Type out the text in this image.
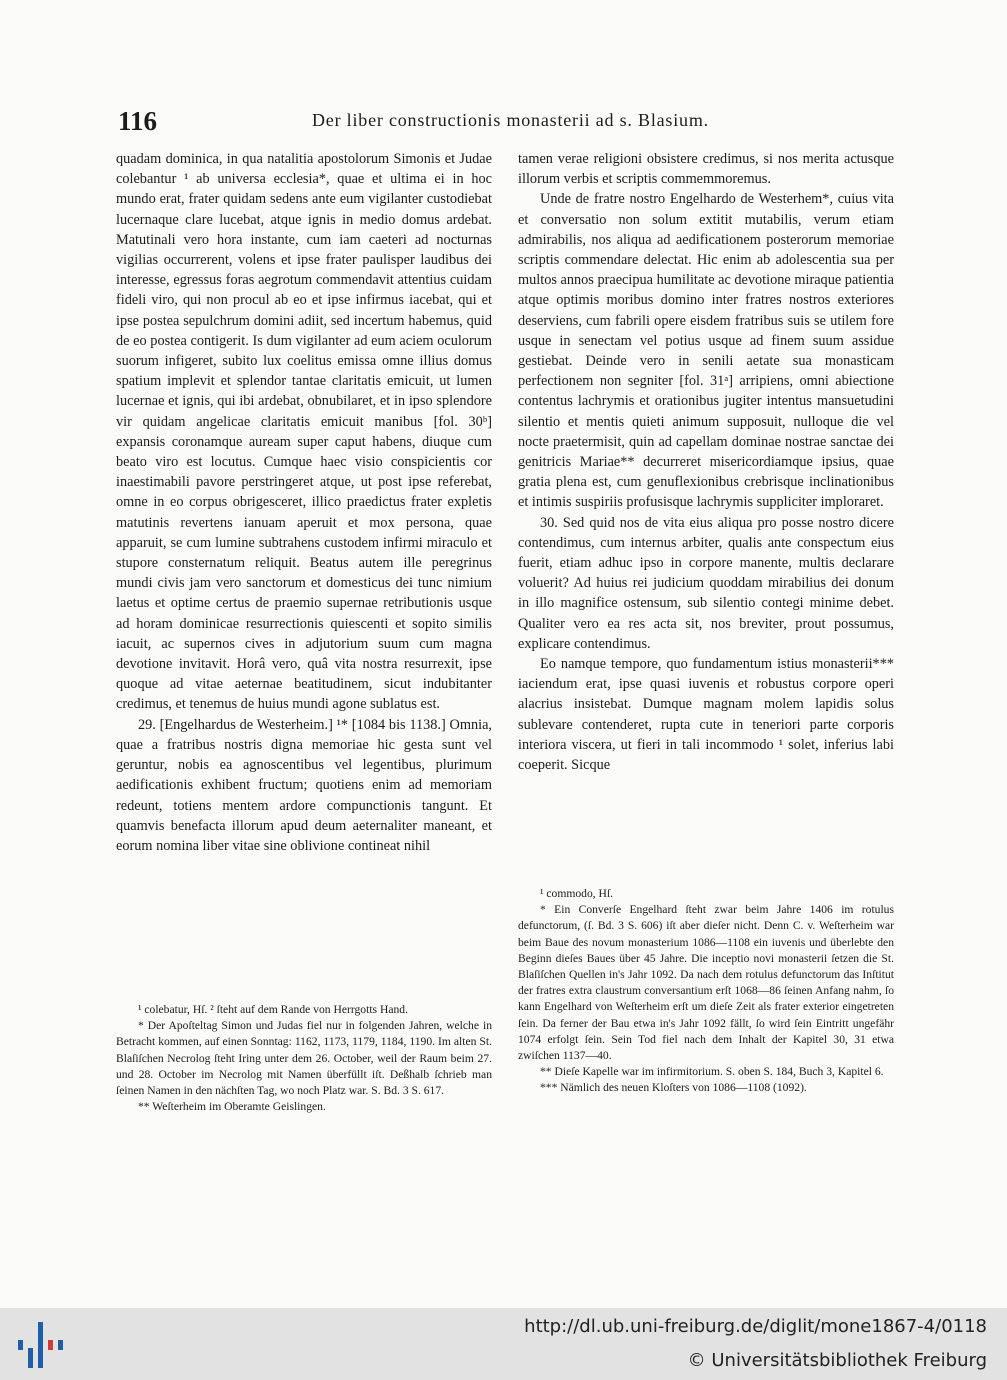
116	Der liber constructionis monasterii ad s. Blasium.

quadam dominica, in qua natalitia apostolorum Simonis et Judae colebantur ¹ ab universa ecclesia*, quae et ultima ei in hoc mundo erat, frater quidam sedens ante eum vigilanter custodiebat lucernaque clare lucebat, atque ignis in medio domus ardebat. Matutinali vero hora instante, cum iam caeteri ad nocturnas vigilias occurrerent, volens et ipse frater paulisper laudibus dei interesse, egressus foras aegrotum commendavit attentius cuidam fideli viro, qui non procul ab eo et ipse infirmus iacebat, qui et ipse postea sepulchrum domini adiit, sed incertum habemus, quid de eo postea contigerit. Is dum vigilanter ad eum aciem oculorum suorum infigeret, subito lux coelitus emissa omne illius domus spatium implevit et splendor tantae claritatis emicuit, ut lumen lucernae et ignis, qui ibi ardebat, obnubilaret, et in ipso splendore vir quidam angelicae claritatis emicuit manibus [fol. 30ᵇ] expansis coronamque auream super caput habens, diuque cum beato viro est locutus. Cumque haec visio conspicientis cor inaestimabili pavore perstringeret atque, ut post ipse referebat, omne in eo corpus obrigesceret, illico praedictus frater expletis matutinis revertens ianuam aperuit et mox persona, quae apparuit, se cum lumine subtrahens custodem infirmi miraculo et stupore consternatum reliquit. Beatus autem ille peregrinus mundi civis jam vero sanctorum et domesticus dei tunc nimium laetus et optime certus de praemio supernae retributionis usque ad horam dominicae resurrectionis quiescenti et sopito similis iacuit, ac supernos cives in adjutorium suum cum magna devotione invitavit. Horâ vero, quâ vita nostra resurrexit, ipse quoque ad vitae aeternae beatitudinem, sicut indubitanter credimus, et tenemus de huius mundi agone sublatus est.

29. [Engelhardus de Westerheim.] ¹* [1084 bis 1138.] Omnia, quae a fratribus nostris digna memoriae hic gesta sunt vel geruntur, nobis ea agnoscentibus vel legentibus, plurimum aedificationis exhibent fructum; quotiens enim ad memoriam redeunt, totiens mentem ardore compunctionis tangunt. Et quamvis benefacta illorum apud deum aeternaliter maneant, et eorum nomina liber vitae sine oblivione contineat nihil

¹ colebatur, Hſ. ² ſteht auf dem Rande von Herrgotts Hand.

* Der Apoſteltag Simon und Judas fiel nur in folgenden Jahren, welche in Betracht kommen, auf einen Sonntag: 1162, 1173, 1179, 1184, 1190. Im alten St. Blaſiſchen Necrolog ſteht Iring unter dem 26. October, weil der Raum beim 27. und 28. October im Necrolog mit Namen überfüllt iſt. Deßhalb ſchrieb man ſeinen Namen in den nächſten Tag, wo noch Platz war. S. Bd. 3 S. 617.

** Weſterheim im Oberamte Geislingen.

tamen verae religioni obsistere credimus, si nos merita actusque illorum verbis et scriptis commemmoremus.

Unde de fratre nostro Engelhardo de Westerhem*, cuius vita et conversatio non solum extitit mutabilis, verum etiam admirabilis, nos aliqua ad aedificationem posterorum memoriae scriptis commendare delectat. Hic enim ab adolescentia sua per multos annos praecipua humilitate ac devotione miraque patientia atque optimis moribus domino inter fratres nostros exteriores deserviens, cum fabrili opere eisdem fratribus suis se utilem fore usque in senectam vel potius usque ad finem suum assidue gestiebat. Deinde vero in senili aetate sua monasticam perfectionem non segniter [fol. 31ᵃ] arripiens, omni abiectione contentus lachrymis et orationibus jugiter intentus mansuetudini silentio et mentis quieti animum supposuit, nulloque die vel nocte praetermisit, quin ad capellam dominae nostrae sanctae dei genitricis Mariae** decurreret misericordiamque ipsius, quae gratia plena est, cum genuflexionibus crebrisque inclinationibus et intimis suspiriis profusisque lachrymis suppliciter imploraret.

30. Sed quid nos de vita eius aliqua pro posse nostro dicere contendimus, cum internus arbiter, qualis ante conspectum eius fuerit, etiam adhuc ipso in corpore manente, multis declarare voluerit? Ad huius rei judicium quoddam mirabilius dei donum in illo magnifice ostensum, sub silentio contegi minime debet. Qualiter vero ea res acta sit, nos breviter, prout possumus, explicare contendimus.

Eo namque tempore, quo fundamentum istius monasterii*** iaciendum erat, ipse quasi iuvenis et robustus corpore operi alacrius insistebat. Dumque magnam molem lapidis solus sublevare contenderet, rupta cute in teneriori parte corporis interiora viscera, ut fieri in tali incommodo ¹ solet, inferius labi coeperit. Sicque

¹ commodo, Hſ.

* Ein Converſe Engelhard ſteht zwar beim Jahre 1406 im rotulus defunctorum, (ſ. Bd. 3 S. 606) iſt aber dieſer nicht. Denn C. v. Weſterheim war beim Baue des novum monasterium 1086—1108 ein iuvenis und überlebte den Beginn dieſes Baues über 45 Jahre. Die inceptio novi monasterii ſetzen die St. Blaſiſchen Quellen in's Jahr 1092. Da nach dem rotulus defunctorum das Inſtitut der fratres extra claustrum conversantium erſt 1068—86 ſeinen Anfang nahm, ſo kann Engelhard von Weſterheim erſt um dieſe Zeit als frater exterior eingetreten ſein. Da ferner der Bau etwa in's Jahr 1092 fällt, ſo wird ſein Eintritt ungefähr 1074 erfolgt ſein. Sein Tod fiel nach dem Inhalt der Kapitel 30, 31 etwa zwiſchen 1137—40.

** Dieſe Kapelle war im infirmitorium. S. oben S. 184, Buch 3, Kapitel 6.

*** Nämlich des neuen Kloſters von 1086—1108 (1092).

http://dl.ub.uni-freiburg.de/diglit/mone1867-4/0118
© Universitätsbibliothek Freiburg
